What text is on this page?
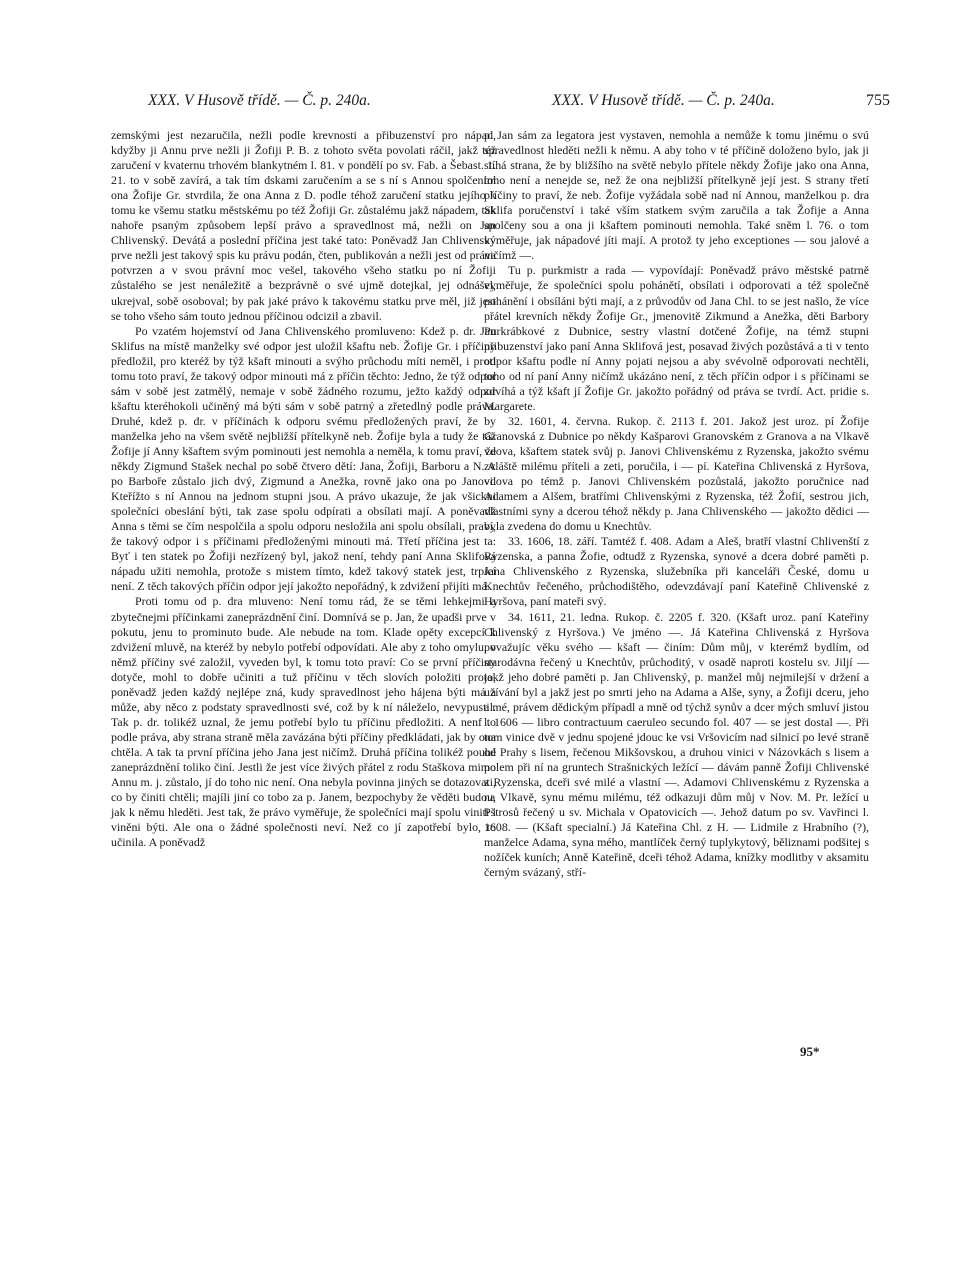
XXX. V Husově třídě. — Č. p. 240a.	XXX. V Husově třídě. — Č. p. 240a.	755

zemskými jest nezaručila, nežli podle krevnosti a přibuzenství pro nápad, kdyžby ji Annu prve nežli ji Žofiji P. B. z tohoto světa povolati ráčil, jakž též zaručení v kvaternu trhovém blankytném l. 81. v pondělí po sv. Fab. a Šebast. 1. 21. to v sobě zavírá, a tak tím dskami zaručením a se s ní s Annou spolčením ona Žofije Gr. stvrdila, že ona Anna z D. podle téhož zaručení statku jejího k tomu ke všemu statku městskému po též Žofiji Gr. zůstalému jakž nápadem, tak nahoře psaným způsobem lepší právo a spravedlnost má, nežli on Jan Chlivenský. Devátá a poslední příčina jest také tato: Poněvadž Jan Chlivenský prve nežli jest takový spis ku právu podán, čten, publikován a nežli jest od práva potvrzen a v svou právní moc vešel, takového všeho statku po ní Žofiji zůstalého se jest nenáležitě a bezprávně o své ujmě dotejkal, jej odnášel, ukrejval, sobě osoboval; by pak jaké právo k takovému statku prve měl, již jest se toho všeho sám touto jednou příčinou odcizil a zbavil.

Po vzatém hojemství od Jana Chlivenského promluveno: Kdež p. dr. Jan Sklifus na místě manželky své odpor jest uložil kšaftu neb. Žofije Gr. i příčiny předložil, pro kteréž by týž kšaft minouti a svýho průchodu míti neměl, i proti tomu toto praví, že takový odpor minouti má z příčin těchto: Jedno, že týž odpor sám v sobě jest zatmělý, nemaje v sobě žádného rozumu, ježto každý odpor kšaftu kteréhokoli učiněný má býti sám v sobě patrný a zřetedlný podle práva. Druhé, kdež p. dr. v příčinách k odporu svému předložených praví, že by manželka jeho na všem světě nejbližší přítelkyně neb. Žofije byla a tudy že táž Žofije jí Anny kšaftem svým pominouti jest nemohla a neměla, k tomu praví, že někdy Zigmund Stašek nechal po sobě čtvero dětí: Jana, Žofiji, Barboru a N. A po Barboře zůstalo jich dvý, Zigmund a Anežka, rovně jako ona po Janovi. Kteřížto s ní Annou na jednom stupni jsou. A právo ukazuje, že jak všickni společníci obeslání býti, tak zase spolu odpírati a obsílati mají. A poněvadž Anna s těmi se čím nespolčila a spolu odporu nesložila ani spolu obsílali, praví, že takový odpor i s příčinami předloženými minouti má. Třetí příčina jest ta: Byť i ten statek po Žofiji nezřízený byl, jakož není, tehdy paní Anna Sklifová nápadu užiti nemohla, protože s mistem tímto, kdež takový statek jest, trpící není. Z těch takových příčin odpor její jakožto nepořádný, k zdvižení přijíti má.

Proti tomu od p. dra mluveno: Není tomu rád, že se těmi lehkejmi a zbytečnejmi příčinkami zaneprázdnění činí. Domnívá se p. Jan, že upadši prve v pokutu, jenu to prominuto bude. Ale nebude na tom. Klade opěty excepcí k zdvižení mluvě, na kteréž by nebylo potřebí odpovídati. Ale aby z toho omylu, v němž příčiny své založil, vyveden byl, k tomu toto praví: Co se první příčiny dotyče, mohl to dobře učiniti a tuž příčinu v těch slovích položiti proto, poněvadž jeden každý nejlépe zná, kudy spravedlnost jeho hájena býti má a může, aby něco z podstaty spravedlnosti své, což by k ní náleželo, nevypustil. Tak p. dr. tolikéž uznal, že jemu potřebí bylo tu příčinu předložiti. A nenf to podle práva, aby strana straně měla zavázána býti příčiny předkládati, jak by ona chtěla. A tak ta první příčina jeho Jana jest ničímž. Druhá příčina tolikéž pouhé zaneprázdnění toliko činí. Jestli že jest více živých přátel z rodu Staškova mimo Annu m. j. zůstalo, jí do toho nic není. Ona nebyla povinna jiných se dotazovati, co by činiti chtěli; majíli jiní co tobo za p. Janem, bezpochyby že věděti budou, jak k němu hleděti. Jest tak, že právo vyměřuje, že společníci mají spolu viniti i viněni býti. Ale ona o žádné společnosti neví. Než co jí zapotřebí bylo, to učinila. A poněvadž

p. Jan sám za legatora jest vystaven, nemohla a nemůže k tomu jinému o svú spravedlnost hleděti nežli k němu. A aby toho v té příčině doloženo bylo, jak ji stíhá strana, že by bližšího na světě nebylo přítele někdy Žofije jako ona Anna, toho není a nenejde se, než že ona nejbližší přítelkyně její jest. S strany třetí příčiny to praví, že neb. Žofije vyžádala sobě nad ní Annou, manželkou p. dra Sklifa poručenství i také vším statkem svým zaručila a tak Žofije a Anna spolčeny sou a ona ji kšaftem pominouti nemohla. Také sněm l. 76. o tom vyměřuje, jak nápadové jíti mají. A protož ty jeho exceptiones — sou jalové a ničímž —.

Tu p. purkmistr a rada — vypovídají: Poněvadž právo městské patrně vyměřuje, že společníci spolu pohánětí, obsílati i odporovati a též společně pohánění i obsíláni býti mají, a z průvodův od Jana Chl. to se jest našlo, že více přátel krevních někdy Žofije Gr., jmenovitě Zikmund a Anežka, děti Barbory Purkrábkové z Dubnice, sestry vlastní dotčené Žofije, na témž stupni přibuzenství jako paní Anna Sklifová jest, posavad živých pozůstává a ti v tento odpor kšaftu podle ní Anny pojati nejsou a aby svévolně odporovati nechtěli, toho od ní paní Anny ničímž ukázáno není, z těch příčin odpor i s příčinami se zdvíhá a týž kšaft jí Žofije Gr. jakožto pořádný od práva se tvrdí. Act. pridie s. Margarete.

32. 1601, 4. června. Rukop. č. 2113 f. 201. Jakož jest uroz. pí Žofije Granovská z Dubnice po někdy Kašparovi Granovském z Granova a na Vlkavě vdova, kšaftem statek svůj p. Janovi Chlivenskému z Ryzenska, jakožto svému zvláště milému příteli a zeti, poručila, i — pí. Kateřina Chlivenská z Hyršova, vdova po témž p. Janovi Chlivenském pozůstalá, jakožto poručnice nad Adamem a Alšem, bratřími Chlivenskými z Ryzenska, též Žofií, sestrou jich, vlastními syny a dcerou téhož někdy p. Jana Chlivenského — jakožto dědici — byla zvedena do domu u Knechtův.

33. 1606, 18. září. Tamtéž f. 408. Adam a Aleš, bratří vlastní Chlivenští z Ryzenska, a panna Žofie, odtudž z Ryzenska, synové a dcera dobré paměti p. Jana Chlivenského z Ryzenska, služebníka při kanceláři České, domu u Knechtův řečeného, průchodištěho, odevzdávají paní Kateřině Chlivenské z Hyršova, paní mateři svý.

34. 1611, 21. ledna. Rukop. č. 2205 f. 320. (Kšaft uroz. paní Kateřiny Chlivenský z Hyršova.) Ve jméno —. Já Kateřina Chlivenská z Hyršova považujíc věku svého — kšaft — činím: Dům můj, v kterémž bydlím, od starodávna řečený u Knechtův, průchoditý, v osadě naproti kostelu sv. Jiljí — jakž jeho dobré paměti p. Jan Chlivenský, p. manžel můj nejmilejší v držení a užívání byl a jakž jest po smrti jeho na Adama a Alše, syny, a Žofiji dceru, jeho a mé, právem dědickým případl a mně od týchž synův a dcer mých smluví jistou l. 1606 — libro contractuum caeruleo secundo fol. 407 — se jest dostal —. Při tom vinice dvě v jednu spojené jdouc ke vsi Vršovicím nad silnicí po levé straně od Prahy s lisem, řečenou Mikšovskou, a druhou vinici v Názovkách s lisem a polem při ní na gruntech Strašnických ležící — dávám panně Žofiji Chlivenské z Ryzenska, dceři své milé a vlastní —. Adamovi Chlivenskému z Ryzenska a na Vlkavě, synu mému milému, též odkazuji dům můj v Nov. M. Pr. ležící u Pštrosů řečený u sv. Michala v Opatovicích —. Jehož datum po sv. Vavřinci l. 1608. — (Kšaft specialní.) Já Kateřina Chl. z H. — Lidmile z Hrabního (?), manželce Adama, syna mého, mantlíček černý tuplykytový, běliznami podšitej s nožíček kuních; Anně Kateřině, dceři téhož Adama, knížky modlitby v aksamitu černým svázaný, stří-

95*
